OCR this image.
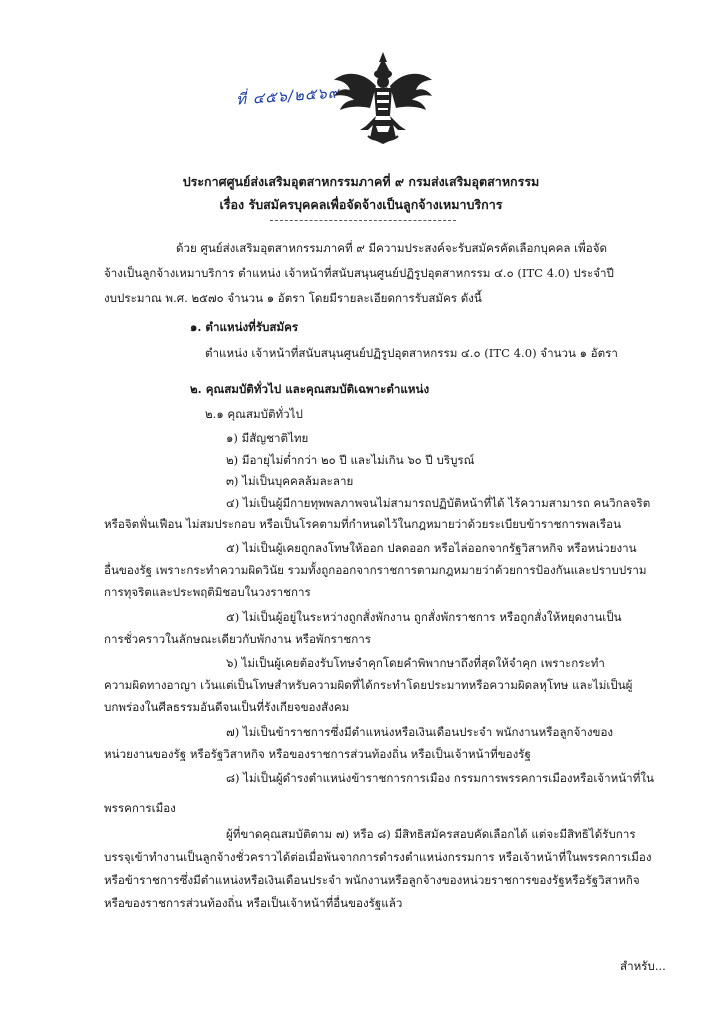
ที่ ๔๕๖/๒๕๖๙
ประกาศศูนย์ส่งเสริมอุตสาหกรรมภาคที่ ๙ กรมส่งเสริมอุตสาหกรรม
เรื่อง รับสมัครบุคคลเพื่อจัดจ้างเป็นลูกจ้างเหมาบริการ
ด้วย ศูนย์ส่งเสริมอุตสาหกรรมภาคที่ ๙ มีความประสงค์จะรับสมัครคัดเลือกบุคคล เพื่อจัด
จ้างเป็นลูกจ้างเหมาบริการ ตำแหน่ง เจ้าหน้าที่สนับสนุนศูนย์ปฏิรูปอุตสาหกรรม ๔.๐ (ITC 4.0) ประจำปี
งบประมาณ พ.ศ. ๒๕๗๐ จำนวน ๑ อัตรา โดยมีรายละเอียดการรับสมัคร ดังนี้
๑. ตำแหน่งที่รับสมัคร
ตำแหน่ง เจ้าหน้าที่สนับสนุนศูนย์ปฏิรูปอุตสาหกรรม ๔.๐ (ITC 4.0) จำนวน ๑ อัตรา
๒. คุณสมบัติทั่วไป และคุณสมบัติเฉพาะตำแหน่ง
๒.๑ คุณสมบัติทั่วไป
๑) มีสัญชาติไทย
๒) มีอายุไม่ต่ำกว่า ๒๐ ปี และไม่เกิน ๖๐ ปี บริบูรณ์
๓) ไม่เป็นบุคคลล้มละลาย
๔) ไม่เป็นผู้มีกายทุพพลภาพจนไม่สามารถปฏิบัติหน้าที่ได้ ไร้ความสามารถ คนวิกลจริต
หรือจิตฟั่นเฟือน ไม่สมประกอบ หรือเป็นโรคตามที่กำหนดไว้ในกฎหมายว่าด้วยระเบียบข้าราชการพลเรือน
๕) ไม่เป็นผู้เคยถูกลงโทษให้ออก ปลดออก หรือไล่ออกจากรัฐวิสาหกิจ หรือหน่วยงาน
อื่นของรัฐ เพราะกระทำความผิดวินัย รวมทั้งถูกออกจากราชการตามกฎหมายว่าด้วยการป้องกันและปราบปราม
การทุจริตและประพฤติมิชอบในวงราชการ
๕) ไม่เป็นผู้อยู่ในระหว่างถูกสั่งพักงาน ถูกสั่งพักราชการ หรือถูกสั่งให้หยุดงานเป็น
การชั่วคราวในลักษณะเดียวกับพักงาน หรือพักราชการ
๖) ไม่เป็นผู้เคยต้องรับโทษจำคุกโดยคำพิพากษาถึงที่สุดให้จำคุก เพราะกระทำ
ความผิดทางอาญา เว้นแต่เป็นโทษสำหรับความผิดที่ได้กระทำโดยประมาทหรือความผิดลหุโทษ และไม่เป็นผู้
บกพร่องในศีลธรรมอันดีจนเป็นที่รังเกียจของสังคม
๗) ไม่เป็นข้าราชการซึ่งมีตำแหน่งหรือเงินเดือนประจำ พนักงานหรือลูกจ้างของ
หน่วยงานของรัฐ หรือรัฐวิสาหกิจ หรือของราชการส่วนท้องถิ่น หรือเป็นเจ้าหน้าที่ของรัฐ
๘) ไม่เป็นผู้ดำรงตำแหน่งข้าราชการการเมือง กรรมการพรรคการเมืองหรือเจ้าหน้าที่ใน
พรรคการเมือง
ผู้ที่ขาดคุณสมบัติตาม ๗) หรือ ๘) มีสิทธิสมัครสอบคัดเลือกได้ แต่จะมีสิทธิได้รับการ
บรรจุเข้าทำงานเป็นลูกจ้างชั่วคราวได้ต่อเมื่อพ้นจากการดำรงตำแหน่งกรรมการ หรือเจ้าหน้าที่ในพรรคการเมือง
หรือข้าราชการซึ่งมีตำแหน่งหรือเงินเดือนประจำ พนักงานหรือลูกจ้างของหน่วยราชการของรัฐหรือรัฐวิสาหกิจ
หรือของราชการส่วนท้องถิ่น หรือเป็นเจ้าหน้าที่อื่นของรัฐแล้ว
สำหรับ...
